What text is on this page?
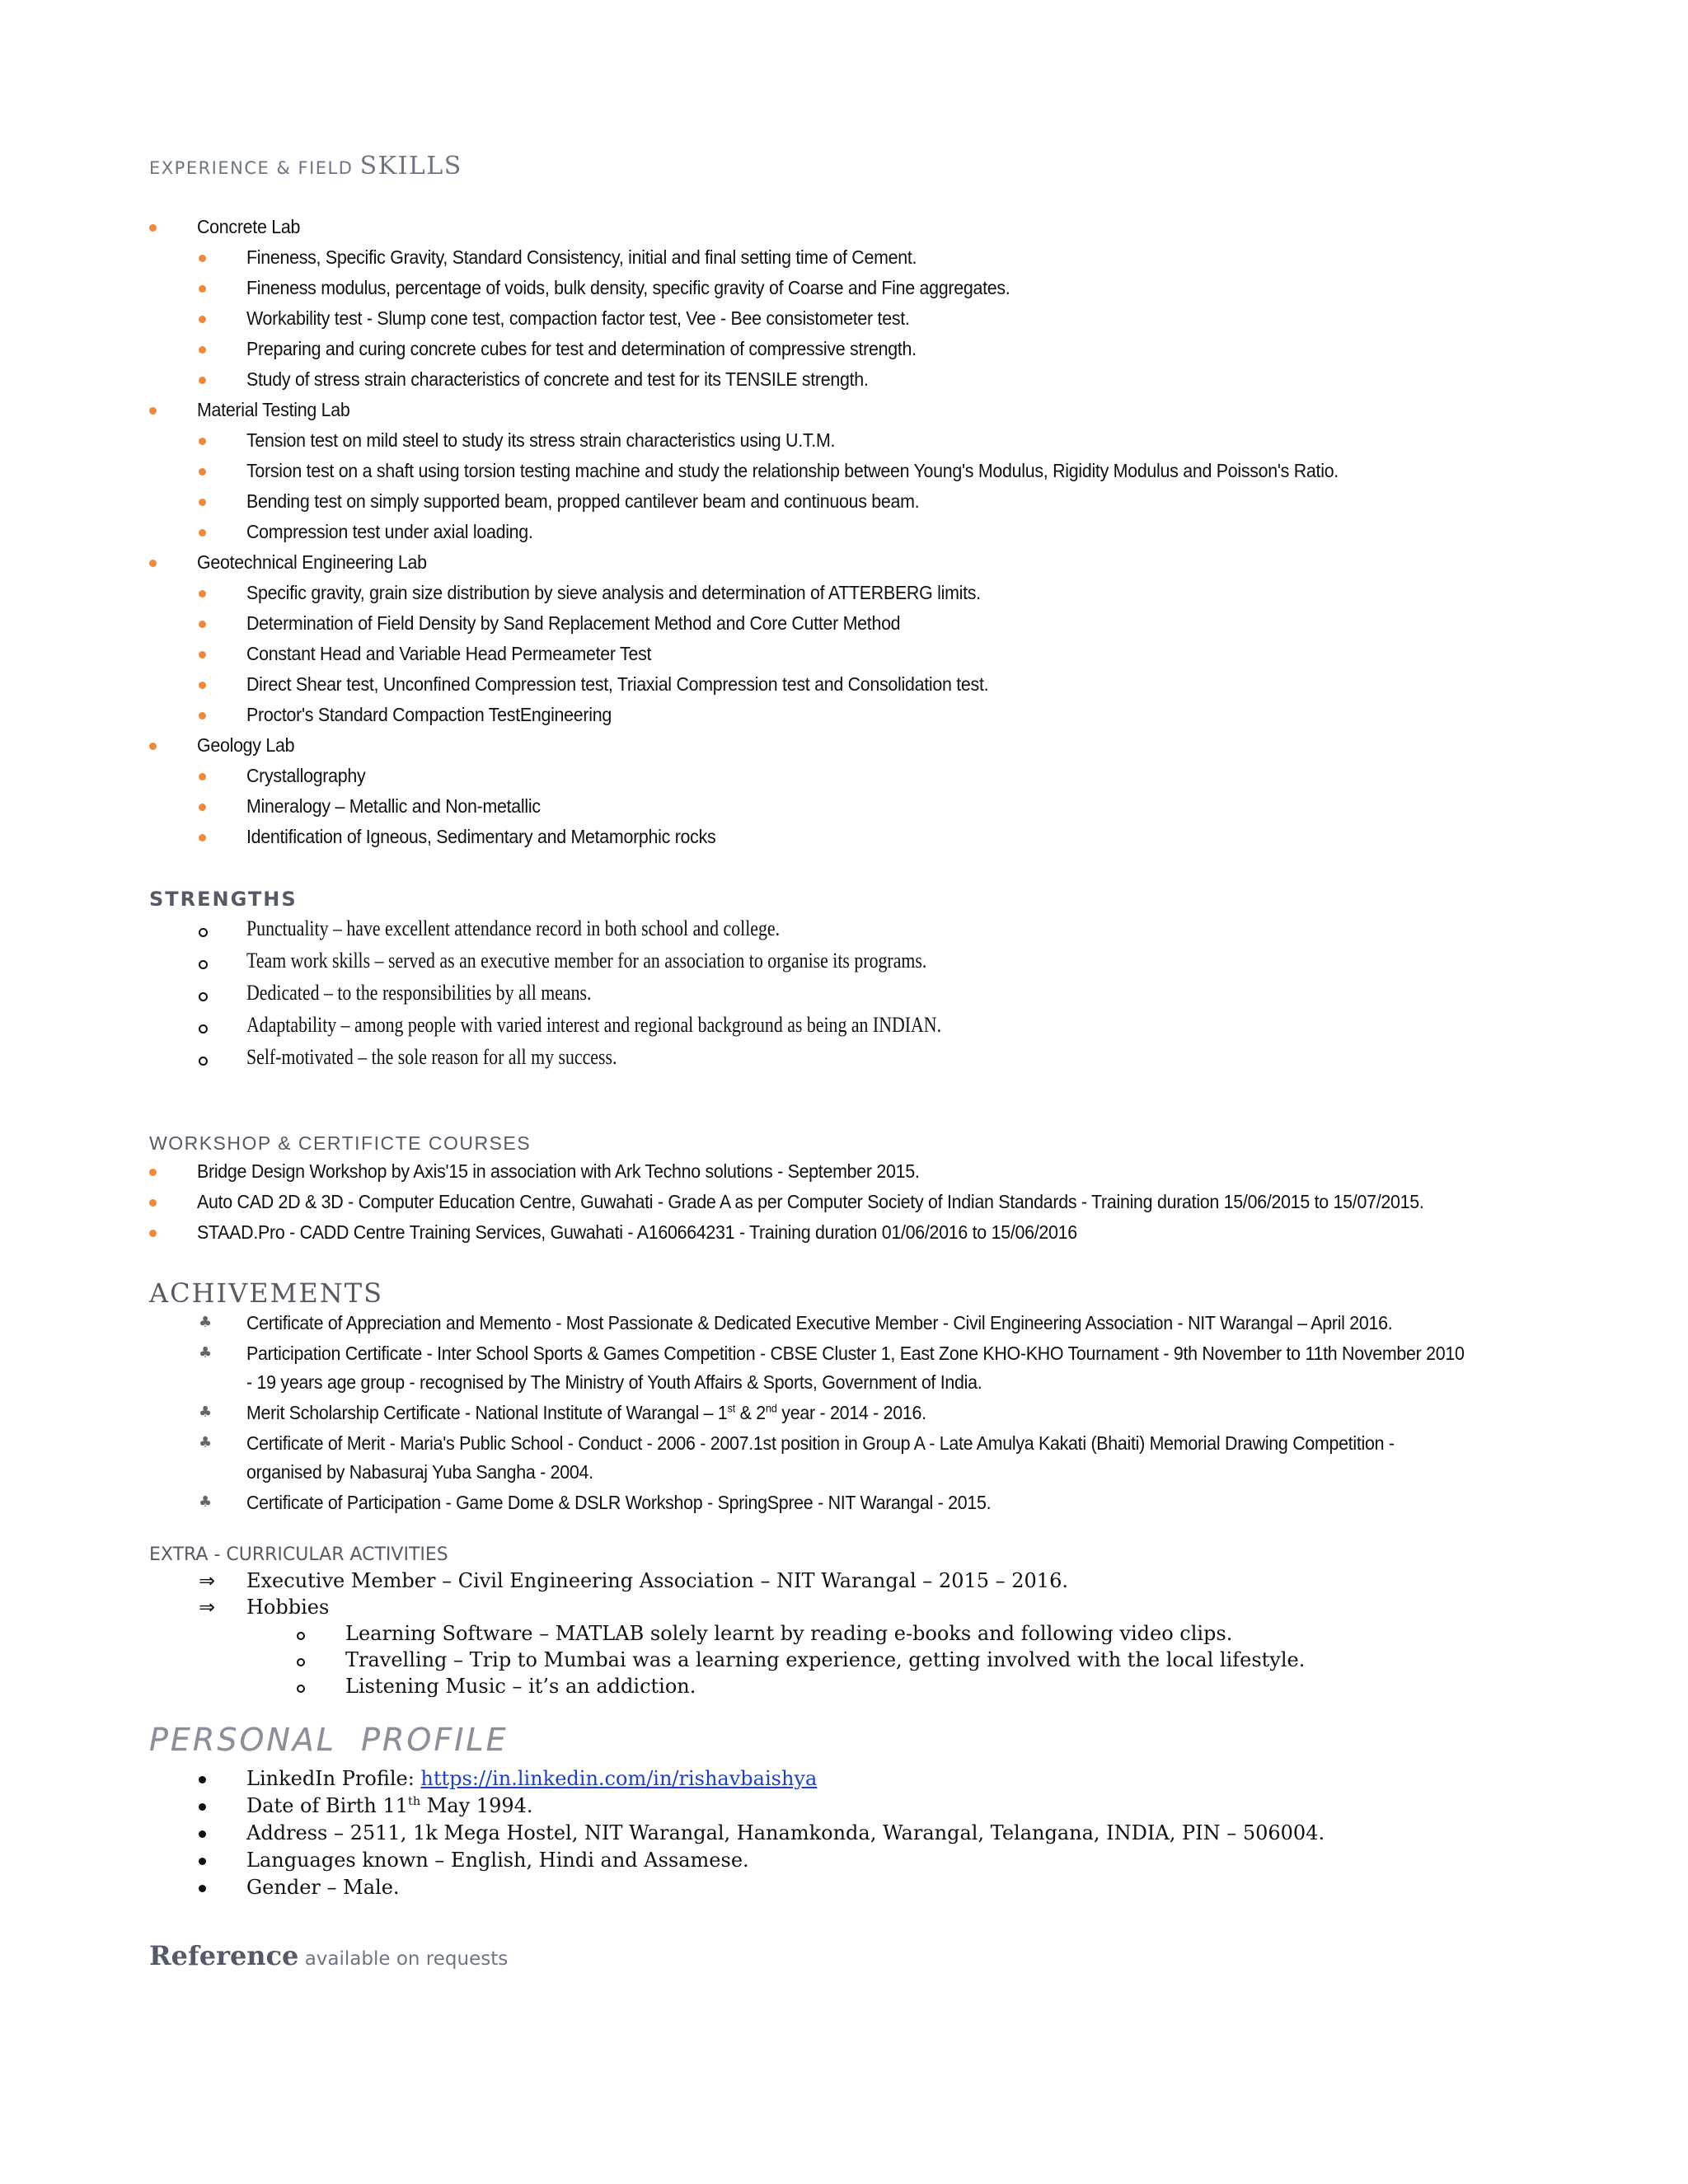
EXPERIENCE & FIELD SKILLS
Concrete Lab
Fineness, Specific Gravity, Standard Consistency, initial and final setting time of Cement.
Fineness modulus, percentage of voids, bulk density, specific gravity of Coarse and Fine aggregates.
Workability test - Slump cone test, compaction factor test, Vee - Bee consistometer test.
Preparing and curing concrete cubes for test and determination of compressive strength.
Study of stress strain characteristics of concrete and test for its TENSILE strength.
Material Testing Lab
Tension test on mild steel to study its stress strain characteristics using U.T.M.
Torsion test on a shaft using torsion testing machine and study the relationship between Young's Modulus, Rigidity Modulus and Poisson's Ratio.
Bending test on simply supported beam, propped cantilever beam and continuous beam.
Compression test under axial loading.
Geotechnical Engineering Lab
Specific gravity, grain size distribution by sieve analysis and determination of ATTERBERG limits.
Determination of Field Density by Sand Replacement Method and Core Cutter Method
Constant Head and Variable Head Permeameter Test
Direct Shear test, Unconfined Compression test, Triaxial Compression test and Consolidation test.
Proctor's Standard Compaction TestEngineering
Geology Lab
Crystallography
Mineralogy – Metallic and Non-metallic
Identification of Igneous, Sedimentary and Metamorphic rocks
STRENGTHS
Punctuality – have excellent attendance record in both school and college.
Team work skills – served as an executive member for an association to organise its programs.
Dedicated – to the responsibilities by all means.
Adaptability – among people with varied interest and regional background as being an INDIAN.
Self-motivated – the sole reason for all my success.
WORKSHOP & CERTIFICTE COURSES
Bridge Design Workshop by Axis'15 in association with Ark Techno solutions - September 2015.
Auto CAD 2D & 3D - Computer Education Centre, Guwahati - Grade A as per Computer Society of Indian Standards - Training duration 15/06/2015 to 15/07/2015.
STAAD.Pro - CADD Centre Training Services, Guwahati - A160664231 - Training duration 01/06/2016 to 15/06/2016
ACHIVEMENTS
♣ Certificate of Appreciation and Memento - Most Passionate & Dedicated Executive Member - Civil Engineering Association - NIT Warangal – April 2016.
♣ Participation Certificate - Inter School Sports & Games Competition - CBSE Cluster 1, East Zone KHO-KHO Tournament - 9th November to 11th November 2010
- 19 years age group - recognised by The Ministry of Youth Affairs & Sports, Government of India.
♣ Merit Scholarship Certificate - National Institute of Warangal – 1st & 2nd year - 2014 - 2016.
♣ Certificate of Merit - Maria's Public School - Conduct - 2006 - 2007.1st position in Group A - Late Amulya Kakati (Bhaiti) Memorial Drawing Competition -
organised by Nabasuraj Yuba Sangha - 2004.
♣ Certificate of Participation - Game Dome & DSLR Workshop - SpringSpree - NIT Warangal - 2015.
EXTRA - CURRICULAR ACTIVITIES
⇒ Executive Member – Civil Engineering Association – NIT Warangal – 2015 – 2016.
⇒ Hobbies
Learning Software – MATLAB solely learnt by reading e-books and following video clips.
Travelling – Trip to Mumbai was a learning experience, getting involved with the local lifestyle.
Listening Music – it’s an addiction.
PERSONAL  PROFILE
LinkedIn Profile: https://in.linkedin.com/in/rishavbaishya
Date of Birth 11th May 1994.
Address – 2511, 1k Mega Hostel, NIT Warangal, Hanamkonda, Warangal, Telangana, INDIA, PIN – 506004.
Languages known – English, Hindi and Assamese.
Gender – Male.
Reference available on requests
